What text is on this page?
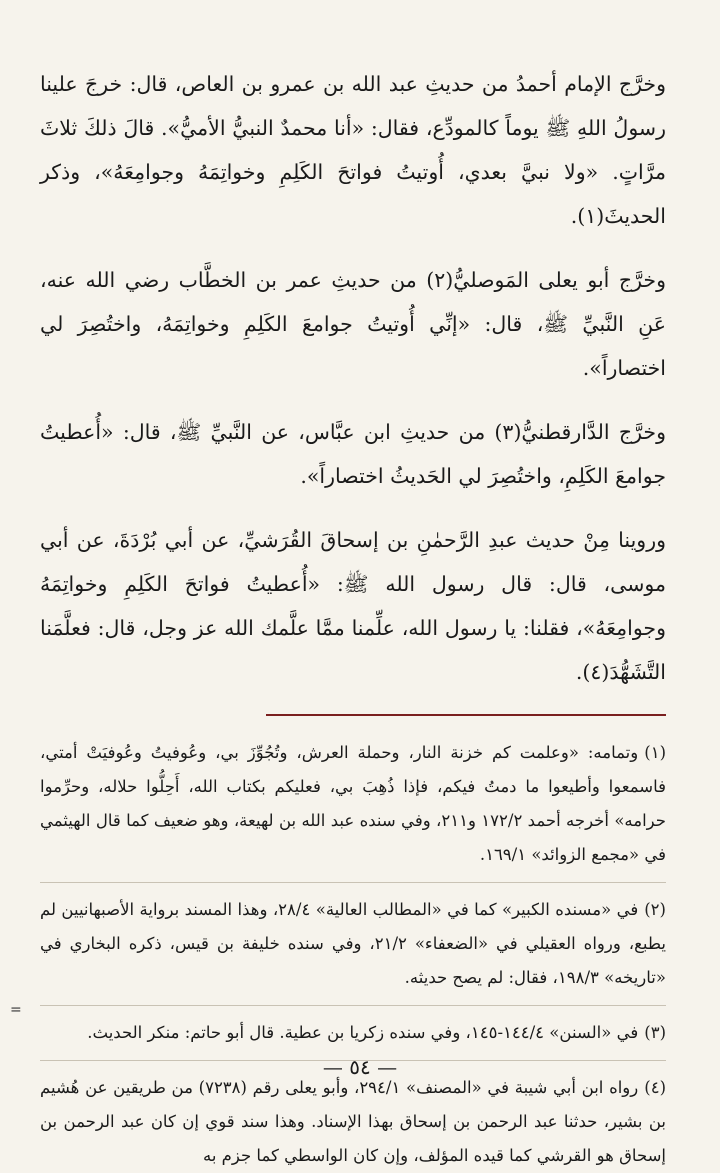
وخرَّج الإمام أحمدُ من حديثِ عبد الله بن عمرو بن العاص، قال: خرجَ علينا رسولُ اللهِ ﷺ يوماً كالمودِّع، فقال: «أنا محمدٌ النبيُّ الأميُّ». قالَ ذلكَ ثلاثَ مرَّاتٍ. «ولا نبيَّ بعدي، أُوتيتُ فواتحَ الكَلِمِ وخواتِمَهُ وجوامِعَهُ»، وذكر الحديثَ(١).

وخرَّج أبو يعلى المَوصليُّ(٢) من حديثِ عمر بن الخطَّاب رضي الله عنه، عَنِ النَّبيِّ ﷺ، قال: «إنِّي أُوتيتُ جوامعَ الكَلِمِ وخواتِمَهُ، واختُصِرَ لي اختصاراً».

وخرَّج الدَّارقطنيُّ(٣) من حديثِ ابن عبَّاس، عن النَّبيِّ ﷺ، قال: «أُعطيتُ جوامعَ الكَلِمِ، واختُصِرَ لي الحَديثُ اختصاراً».

وروينا مِنْ حديث عبدِ الرَّحمٰنِ بن إسحاقَ القُرَشيِّ، عن أبي بُرْدَةَ، عن أبي موسى، قال: قال رسول الله ﷺ: «أُعطيتُ فواتحَ الكَلِمِ وخواتِمَهُ وجوامِعَهُ»، فقلنا: يا رسول الله، علِّمنا ممَّا علَّمك الله عز وجل، قال: فعلَّمَنا التَّشَهُّدَ(٤).

(١)وتمامه: «وعلمت كم خزنة النار، وحملة العرش، وتُجُوِّزَ بي، وعُوفيتُ وعُوفيَتْ أمتي، فاسمعوا وأطيعوا ما دمتُ فيكم، فإذا ذُهِبَ بي، فعليكم بكتاب الله، أَحِلُّوا حلاله، وحرِّموا حرامه» أخرجه أحمد ١٧٢/٢ و٢١١، وفي سنده عبد الله بن لهيعة، وهو ضعيف كما قال الهيثمي في «مجمع الزوائد» ١٦٩/١.
(٢)في «مسنده الكبير» كما في «المطالب العالية» ٢٨/٤، وهذا المسند برواية الأصبهانيين لم يطبع، ورواه العقيلي في «الضعفاء» ٢١/٢، وفي سنده خليفة بن قيس، ذكره البخاري في «تاريخه» ١٩٨/٣، فقال: لم يصح حديثه.
(٣)في «السنن» ١٤٤/٤-١٤٥، وفي سنده زكريا بن عطية. قال أبو حاتم: منكر الحديث.
(٤)رواه ابن أبي شيبة في «المصنف» ٢٩٤/١، وأبو يعلى رقم (٧٢٣٨) من طريقين عن هُشيم بن بشير، حدثنا عبد الرحمن بن إسحاق بهذا الإسناد. وهذا سند قوي إن كان عبد الرحمن بن إسحاق هو القرشي كما قيده المؤلف، وإن كان الواسطي كما جزم به
=
— ٥٤ —
